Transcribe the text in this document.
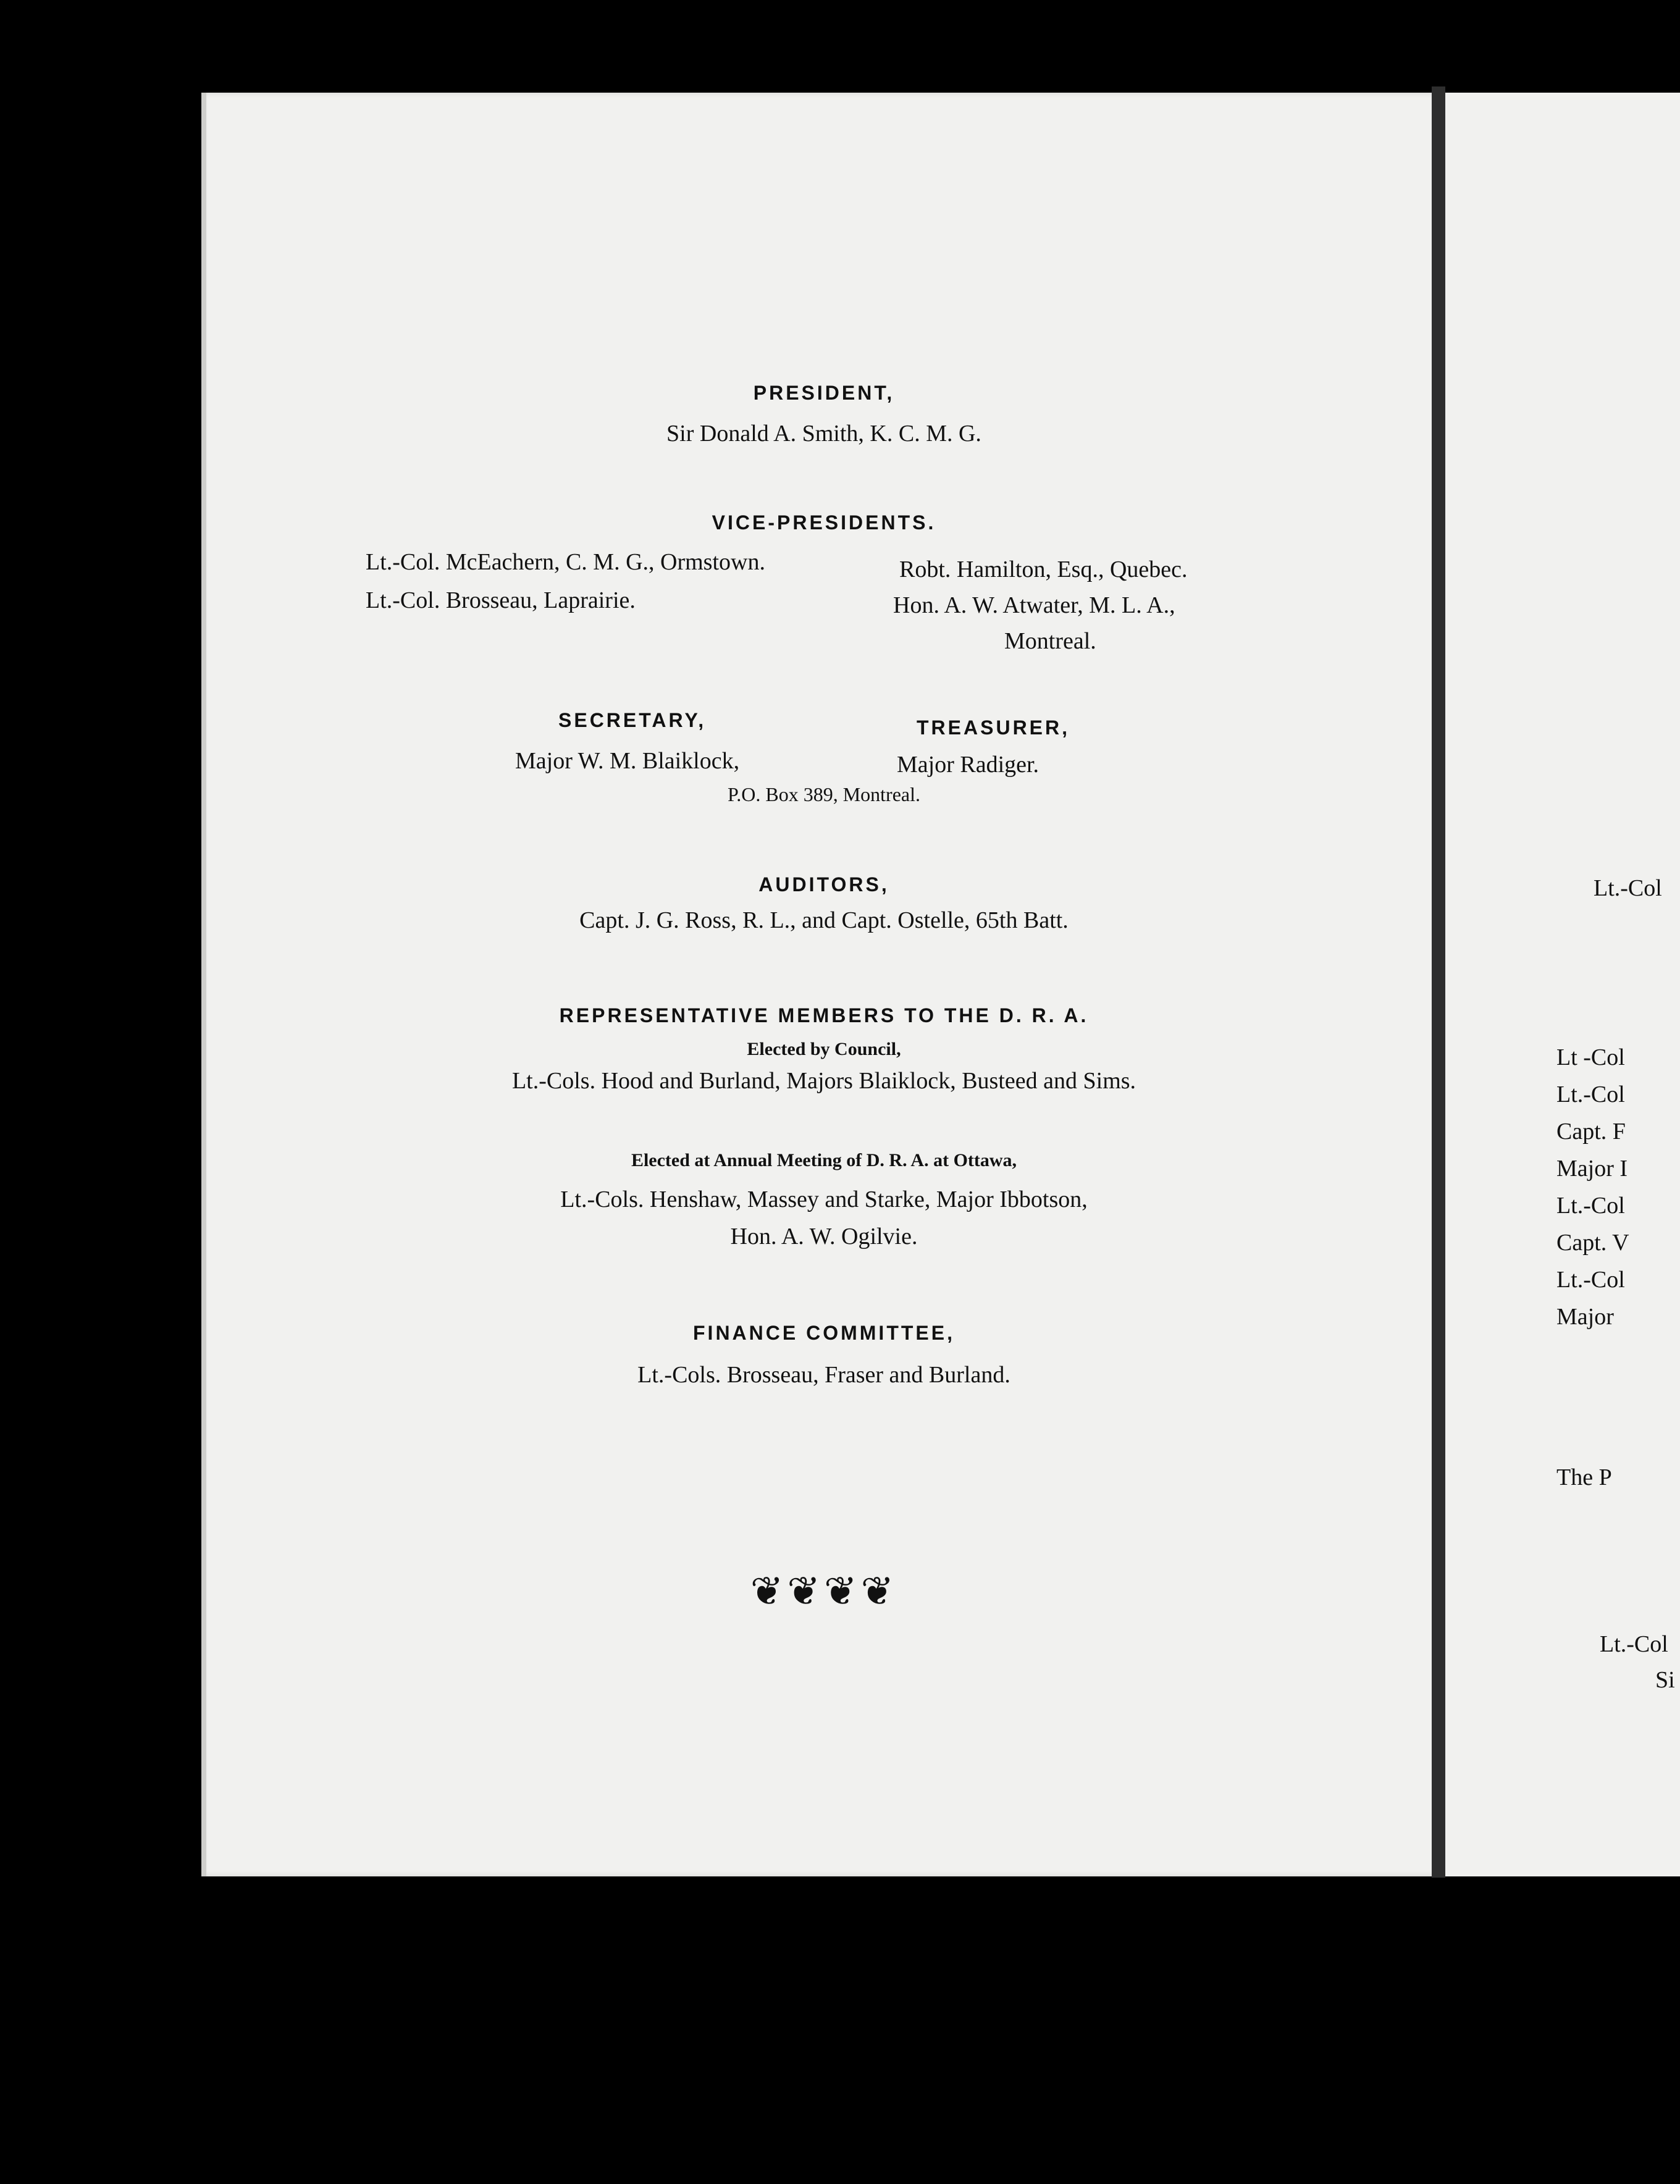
PRESIDENT,
Sir Donald A. Smith, K. C. M. G.
VICE-PRESIDENTS.
Lt.-Col. McEachern, C. M. G., Ormstown.
Lt.-Col. Brosseau, Laprairie.
Robt. Hamilton, Esq., Quebec.
Hon. A. W. Atwater, M. L. A.,
Montreal.
SECRETARY,
Major W. M. Blaiklock,
TREASURER,
Major Radiger.
P.O. Box 389, Montreal.
AUDITORS,
Capt. J. G. Ross, R. L., and Capt. Ostelle, 65th Batt.
REPRESENTATIVE MEMBERS TO THE D. R. A.
Elected by Council,
Lt.-Cols. Hood and Burland, Majors Blaiklock, Busteed and Sims.
Elected at Annual Meeting of D. R. A. at Ottawa,
Lt.-Cols. Henshaw, Massey and Starke, Major Ibbotson,
Hon. A. W. Ogilvie.
FINANCE COMMITTEE,
Lt.-Cols. Brosseau, Fraser and Burland.
❦❦❦❦
Lt.-Col
Lt -Col
Lt.-Col
Capt. F
Major I
Lt.-Col
Capt. V
Lt.-Col
Major
The P
Lt.-Col
Si
